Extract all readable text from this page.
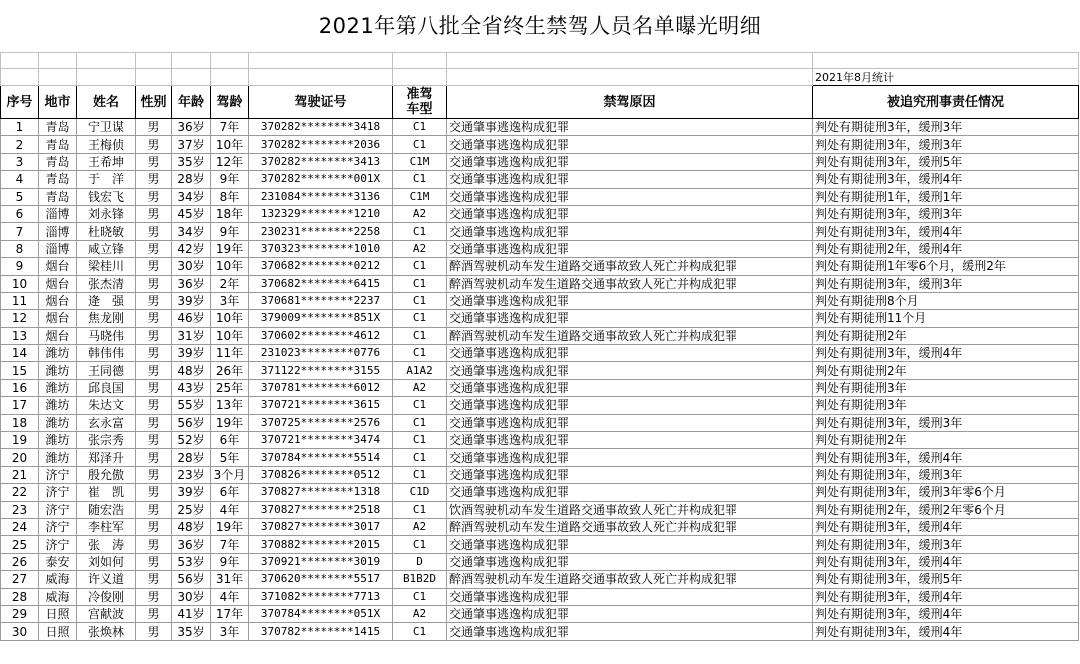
2021年第八批全省终生禁驾人员名单曝光明细

									2021年8月统计
序号	地市	姓名	性别	年龄	驾龄	驾驶证号	准驾
车型	禁驾原因	被追究刑事责任情况
1	青岛	宁卫谋	男	36岁	7年	370282********3418	C1	交通肇事逃逸构成犯罪	判处有期徒刑3年，缓刑3年
2	青岛	王梅侦	男	37岁	10年	370282********2036	C1	交通肇事逃逸构成犯罪	判处有期徒刑3年，缓刑3年
3	青岛	王希坤	男	35岁	12年	370282********3413	C1M	交通肇事逃逸构成犯罪	判处有期徒刑3年，缓刑5年
4	青岛	于　洋	男	28岁	9年	370282********001X	C1	交通肇事逃逸构成犯罪	判处有期徒刑3年，缓刑4年
5	青岛	钱宏飞	男	34岁	8年	231084********3136	C1M	交通肇事逃逸构成犯罪	判处有期徒刑1年，缓刑1年
6	淄博	刘永锋	男	45岁	18年	132329********1210	A2	交通肇事逃逸构成犯罪	判处有期徒刑3年，缓刑3年
7	淄博	杜晓敏	男	34岁	9年	230231********2258	C1	交通肇事逃逸构成犯罪	判处有期徒刑3年，缓刑4年
8	淄博	咸立锋	男	42岁	19年	370323********1010	A2	交通肇事逃逸构成犯罪	判处有期徒刑2年，缓刑4年
9	烟台	梁桂川	男	30岁	10年	370682********0212	C1	醉酒驾驶机动车发生道路交通事故致人死亡并构成犯罪	判处有期徒刑1年零6个月，缓刑2年
10	烟台	张杰清	男	36岁	2年	370682********6415	C1	醉酒驾驶机动车发生道路交通事故致人死亡并构成犯罪	判处有期徒刑3年，缓刑3年
11	烟台	逄　强	男	39岁	3年	370681********2237	C1	交通肇事逃逸构成犯罪	判处有期徒刑8个月
12	烟台	焦龙刚	男	46岁	10年	379009********851X	C1	交通肇事逃逸构成犯罪	判处有期徒刑11个月
13	烟台	马晓伟	男	31岁	10年	370602********4612	C1	醉酒驾驶机动车发生道路交通事故致人死亡并构成犯罪	判处有期徒刑2年
14	潍坊	韩伟伟	男	39岁	11年	231023********0776	C1	交通肇事逃逸构成犯罪	判处有期徒刑3年，缓刑4年
15	潍坊	王同德	男	48岁	26年	371122********3155	A1A2	交通肇事逃逸构成犯罪	判处有期徒刑2年
16	潍坊	邱良国	男	43岁	25年	370781********6012	A2	交通肇事逃逸构成犯罪	判处有期徒刑3年
17	潍坊	朱达文	男	55岁	13年	370721********3615	C1	交通肇事逃逸构成犯罪	判处有期徒刑3年
18	潍坊	玄永富	男	56岁	19年	370725********2576	C1	交通肇事逃逸构成犯罪	判处有期徒刑3年，缓刑3年
19	潍坊	张宗秀	男	52岁	6年	370721********3474	C1	交通肇事逃逸构成犯罪	判处有期徒刑2年
20	潍坊	郑泽升	男	28岁	5年	370784********5514	C1	交通肇事逃逸构成犯罪	判处有期徒刑3年，缓刑4年
21	济宁	殷允傲	男	23岁	3个月	370826********0512	C1	交通肇事逃逸构成犯罪	判处有期徒刑3年，缓刑3年
22	济宁	崔　凯	男	39岁	6年	370827********1318	C1D	交通肇事逃逸构成犯罪	判处有期徒刑3年，缓刑3年零6个月
23	济宁	随宏浩	男	25岁	4年	370827********2518	C1	饮酒驾驶机动车发生道路交通事故致人死亡并构成犯罪	判处有期徒刑2年，缓刑2年零6个月
24	济宁	李柱军	男	48岁	19年	370827********3017	A2	醉酒驾驶机动车发生道路交通事故致人死亡并构成犯罪	判处有期徒刑3年，缓刑4年
25	济宁	张　涛	男	36岁	7年	370882********2015	C1	交通肇事逃逸构成犯罪	判处有期徒刑3年，缓刑3年
26	泰安	刘如何	男	53岁	9年	370921********3019	D	交通肇事逃逸构成犯罪	判处有期徒刑3年，缓刑4年
27	威海	许义道	男	56岁	31年	370620********5517	B1B2D	醉酒驾驶机动车发生道路交通事故致人死亡并构成犯罪	判处有期徒刑3年，缓刑5年
28	威海	冷俊刚	男	30岁	4年	371082********7713	C1	交通肇事逃逸构成犯罪	判处有期徒刑3年，缓刑4年
29	日照	宫献波	男	41岁	17年	370784********051X	A2	交通肇事逃逸构成犯罪	判处有期徒刑3年，缓刑4年
30	日照	张焕林	男	35岁	3年	370782********1415	C1	交通肇事逃逸构成犯罪	判处有期徒刑3年，缓刑4年
